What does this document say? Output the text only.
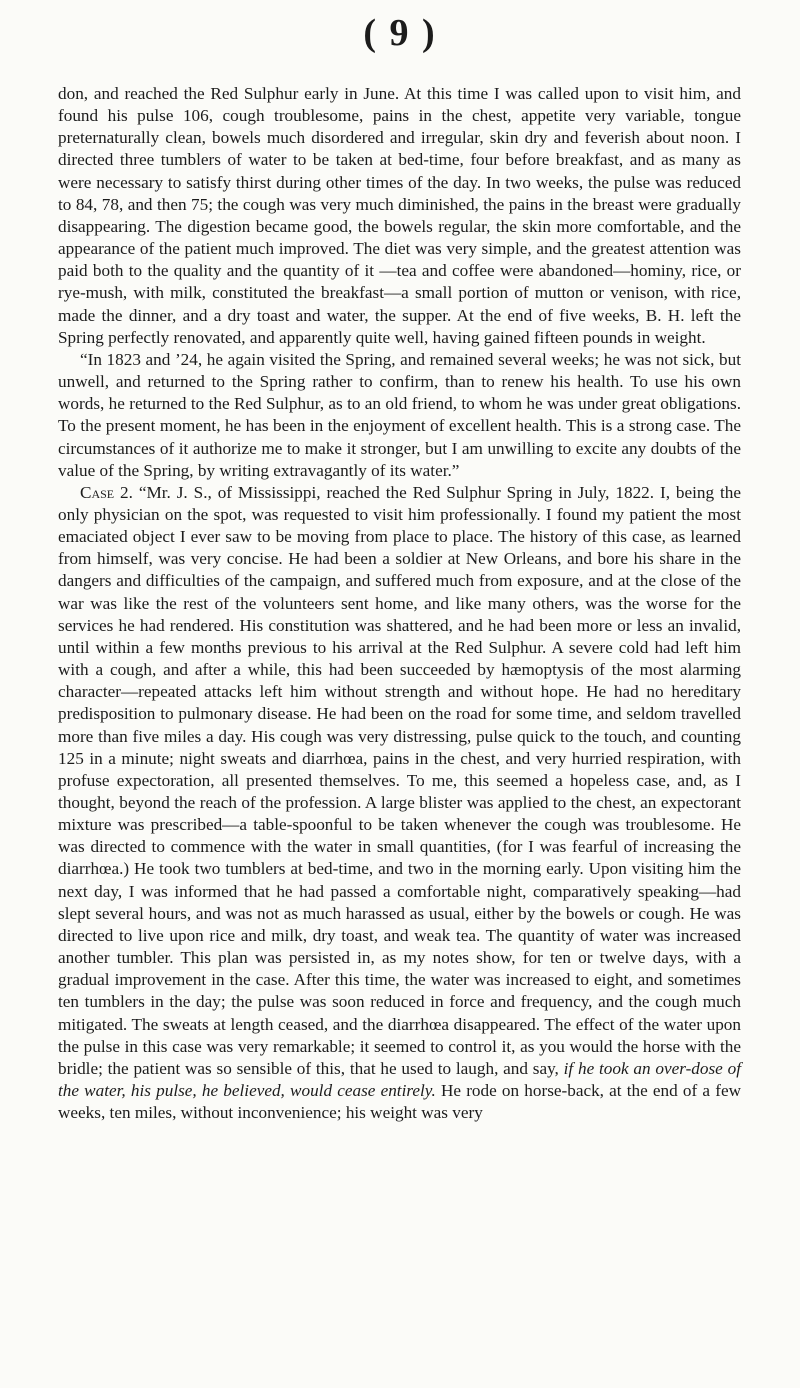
( 9 )

don, and reached the Red Sulphur early in June. At this time I was called upon to visit him, and found his pulse 106, cough troublesome, pains in the chest, appetite very variable, tongue preternaturally clean, bowels much disordered and irregular, skin dry and feverish about noon. I directed three tumblers of water to be taken at bed-time, four before breakfast, and as many as were necessary to satisfy thirst during other times of the day. In two weeks, the pulse was reduced to 84, 78, and then 75; the cough was very much diminished, the pains in the breast were gradually disappearing. The digestion became good, the bowels regular, the skin more comfortable, and the appearance of the patient much improved. The diet was very simple, and the greatest attention was paid both to the quality and the quantity of it —tea and coffee were abandoned—hominy, rice, or rye-mush, with milk, constituted the breakfast—a small portion of mutton or venison, with rice, made the dinner, and a dry toast and water, the supper. At the end of five weeks, B. H. left the Spring perfectly renovated, and apparently quite well, having gained fifteen pounds in weight.

“In 1823 and ’24, he again visited the Spring, and remained several weeks; he was not sick, but unwell, and returned to the Spring rather to confirm, than to renew his health. To use his own words, he returned to the Red Sulphur, as to an old friend, to whom he was under great obligations. To the present moment, he has been in the enjoyment of excellent health. This is a strong case. The circumstances of it authorize me to make it stronger, but I am unwilling to excite any doubts of the value of the Spring, by writing extravagantly of its water.”

Case 2. “Mr. J. S., of Mississippi, reached the Red Sulphur Spring in July, 1822. I, being the only physician on the spot, was requested to visit him professionally. I found my patient the most emaciated object I ever saw to be moving from place to place. The history of this case, as learned from himself, was very concise. He had been a soldier at New Orleans, and bore his share in the dangers and difficulties of the campaign, and suffered much from exposure, and at the close of the war was like the rest of the volunteers sent home, and like many others, was the worse for the services he had rendered. His constitution was shattered, and he had been more or less an invalid, until within a few months previous to his arrival at the Red Sulphur. A severe cold had left him with a cough, and after a while, this had been succeeded by hæmoptysis of the most alarming character—repeated attacks left him without strength and without hope. He had no hereditary predisposition to pulmonary disease. He had been on the road for some time, and seldom travelled more than five miles a day. His cough was very distressing, pulse quick to the touch, and counting 125 in a minute; night sweats and diarrhœa, pains in the chest, and very hurried respiration, with profuse expectoration, all presented themselves. To me, this seemed a hopeless case, and, as I thought, beyond the reach of the profession. A large blister was applied to the chest, an expectorant mixture was prescribed—a table-spoonful to be taken whenever the cough was troublesome. He was directed to commence with the water in small quantities, (for I was fearful of increasing the diarrhœa.) He took two tumblers at bed-time, and two in the morning early. Upon visiting him the next day, I was informed that he had passed a comfortable night, comparatively speaking—had slept several hours, and was not as much harassed as usual, either by the bowels or cough. He was directed to live upon rice and milk, dry toast, and weak tea. The quantity of water was increased another tumbler. This plan was persisted in, as my notes show, for ten or twelve days, with a gradual improvement in the case. After this time, the water was increased to eight, and sometimes ten tumblers in the day; the pulse was soon reduced in force and frequency, and the cough much mitigated. The sweats at length ceased, and the diarrhœa disappeared. The effect of the water upon the pulse in this case was very remarkable; it seemed to control it, as you would the horse with the bridle; the patient was so sensible of this, that he used to laugh, and say, if he took an over-dose of the water, his pulse, he believed, would cease entirely. He rode on horse-back, at the end of a few weeks, ten miles, without inconvenience; his weight was very
